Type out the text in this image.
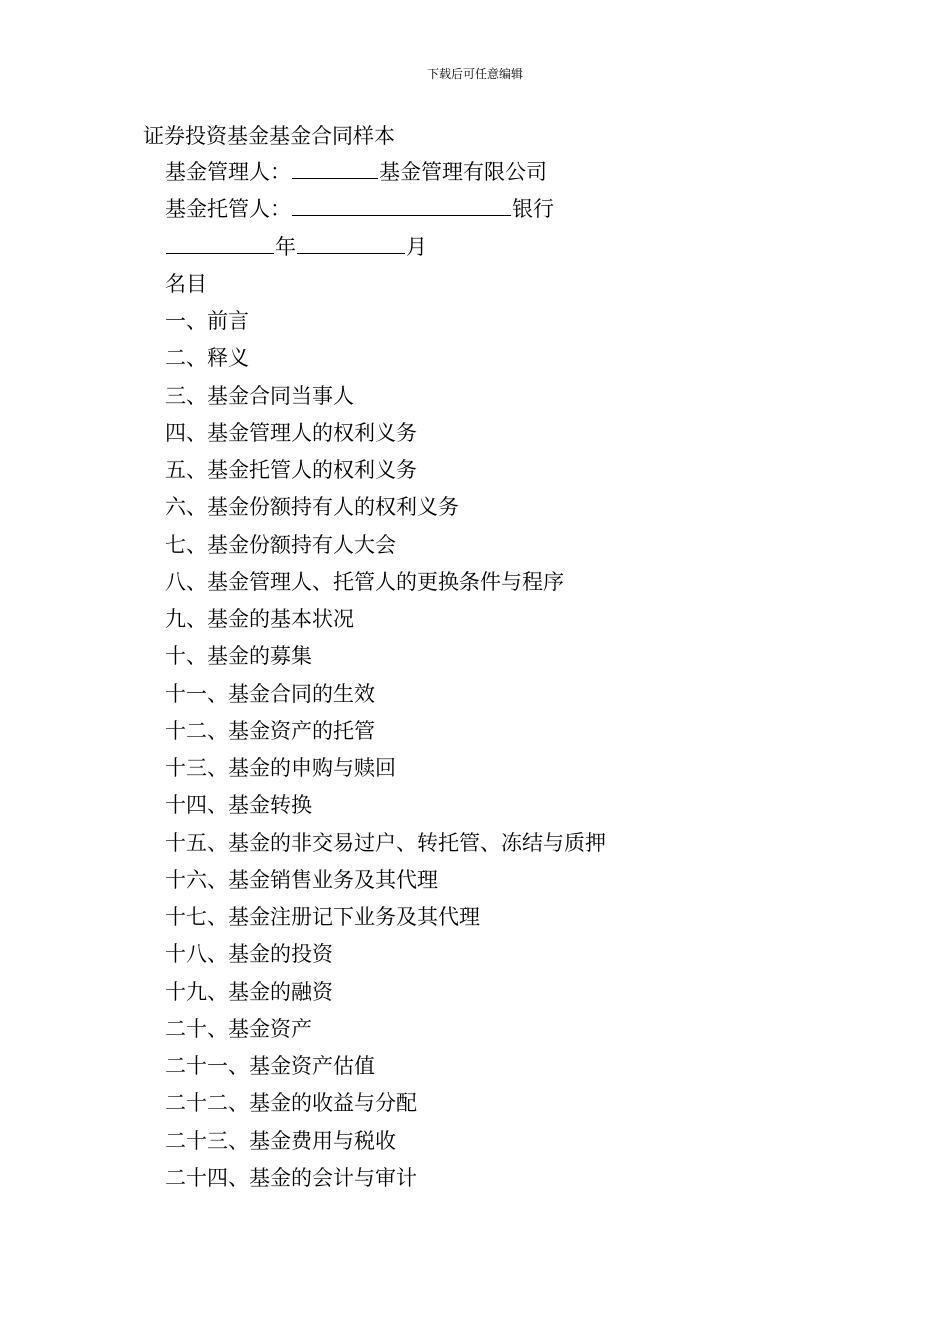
下载后可任意编辑
证券投资基金基金合同样本
基金管理人：	基金管理有限公司
基金托管人：	银行
年	月
名目
一、前言
二、释义
三、基金合同当事人
四、基金管理人的权利义务
五、基金托管人的权利义务
六、基金份额持有人的权利义务
七、基金份额持有人大会
八、基金管理人、托管人的更换条件与程序
九、基金的基本状况
十、基金的募集
十一、基金合同的生效
十二、基金资产的托管
十三、基金的申购与赎回
十四、基金转换
十五、基金的非交易过户、转托管、冻结与质押
十六、基金销售业务及其代理
十七、基金注册记下业务及其代理
十八、基金的投资
十九、基金的融资
二十、基金资产
二十一、基金资产估值
二十二、基金的收益与分配
二十三、基金费用与税收
二十四、基金的会计与审计
